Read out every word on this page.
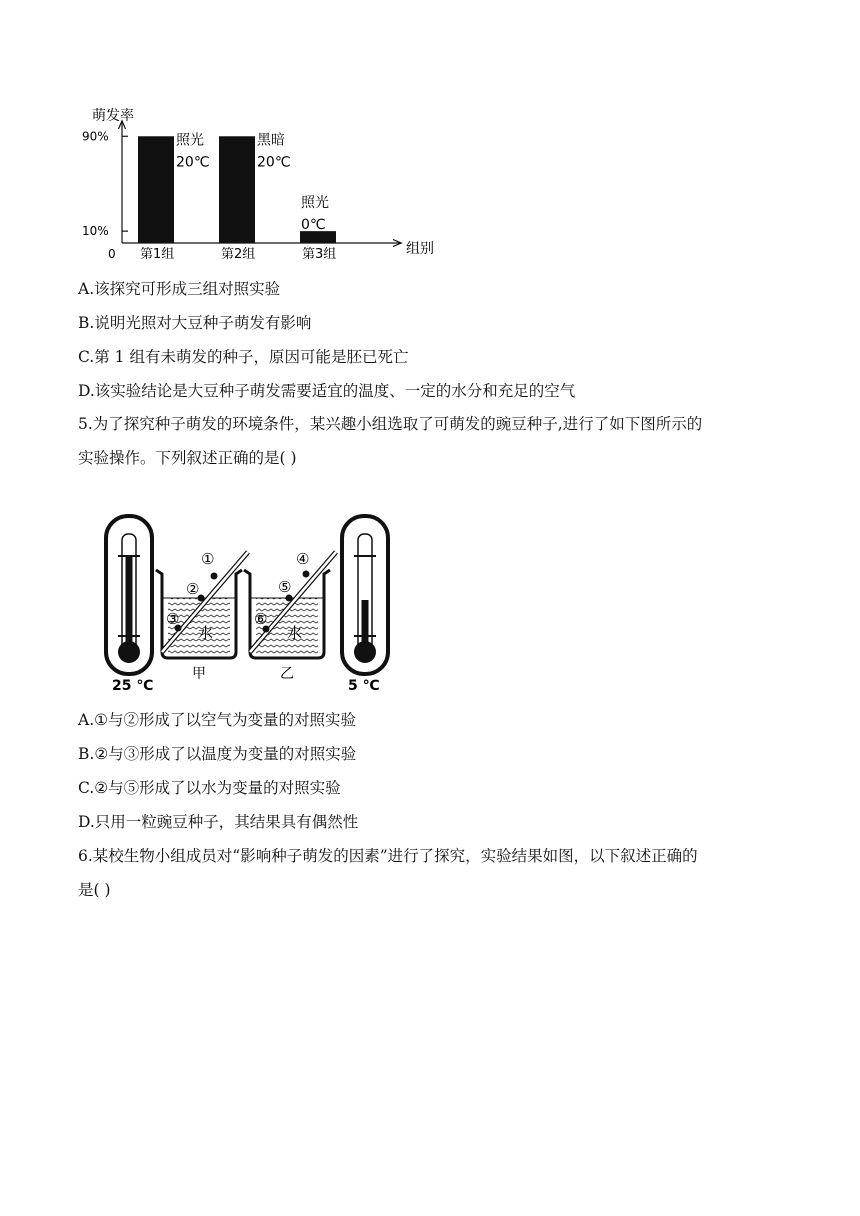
萌发率
组别
0
90%
10%
第1组
照光
20℃
第2组
黑暗
20℃
第3组
照光
0℃
A.该探究可形成三组对照实验
B.说明光照对大豆种子萌发有影响
C.第 1 组有未萌发的种子，原因可能是胚已死亡
D.该实验结论是大豆种子萌发需要适宜的温度、一定的水分和充足的空气
5.为了探究种子萌发的环境条件，某兴趣小组选取了可萌发的豌豆种子,进行了如下图所示的
实验操作。下列叙述正确的是( )
①
②
③
④
⑤
⑥
水	水
25 ℃
甲	乙
5 ℃
A.①与②形成了以空气为变量的对照实验
B.②与③形成了以温度为变量的对照实验
C.②与⑤形成了以水为变量的对照实验
D.只用一粒豌豆种子，其结果具有偶然性
6.某校生物小组成员对“影响种子萌发的因素”进行了探究，实验结果如图，以下叙述正确的
是( )
